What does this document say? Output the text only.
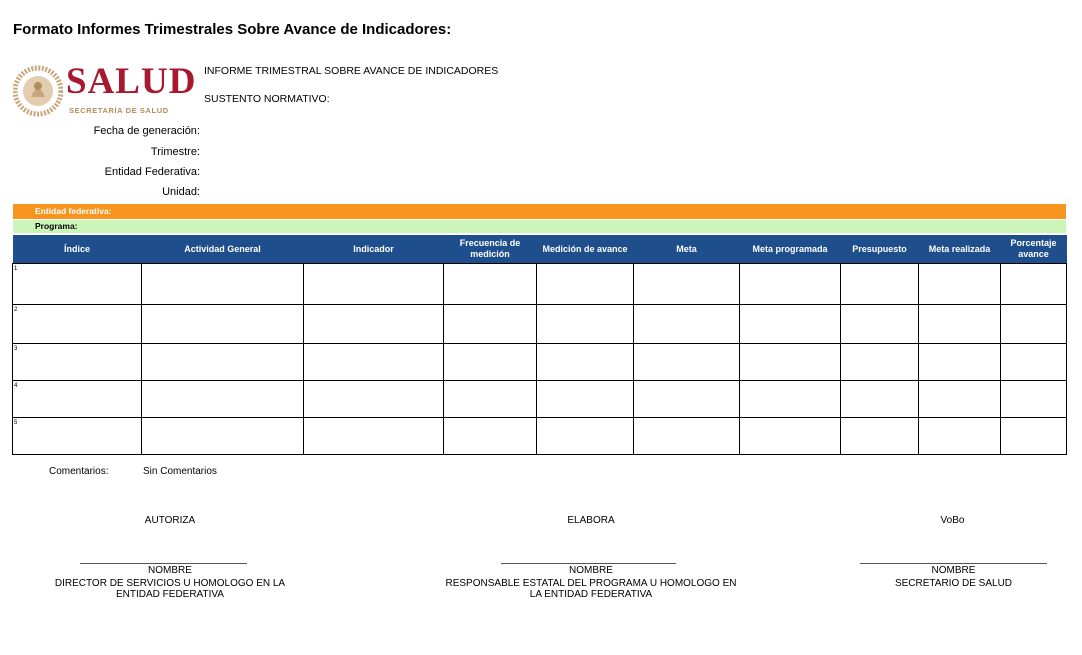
Formato Informes Trimestrales Sobre Avance de Indicadores:
SALUD
SECRETARÍA DE SALUD
INFORME TRIMESTRAL SOBRE AVANCE DE INDICADORES
SUSTENTO NORMATIVO:
Fecha de generación:
Trimestre:
Entidad Federativa:
Unidad:
Entidad federativa:
Programa:
Índice	Actividad General	Indicador	Frecuencia de medición	Medición de avance	Meta	Meta programada	Presupuesto	Meta realizada	Porcentaje avance

1									

2									

3									

4									

5									

Comentarios:	Sin Comentarios
AUTORIZA
NOMBRE
DIRECTOR DE SERVICIOS U HOMOLOGO EN LA ENTIDAD FEDERATIVA
ELABORA
NOMBRE
RESPONSABLE ESTATAL DEL PROGRAMA U HOMOLOGO EN LA ENTIDAD FEDERATIVA
VoBo
NOMBRE
SECRETARIO DE SALUD
